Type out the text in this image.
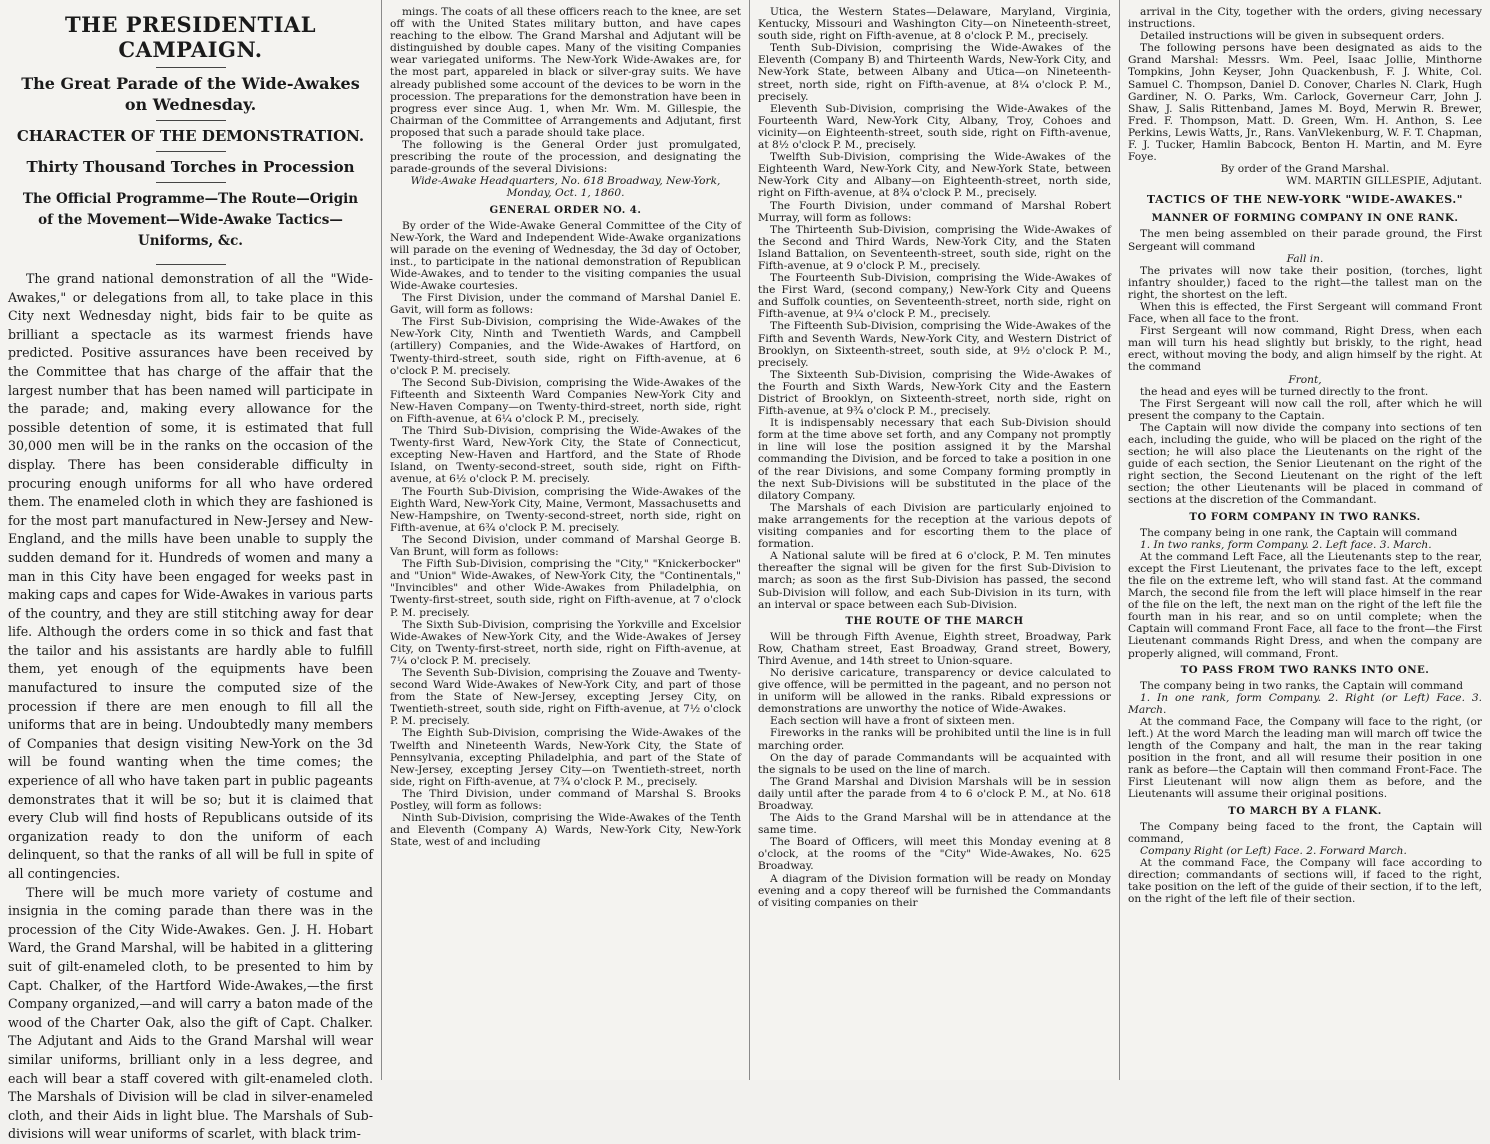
THE PRESIDENTIAL CAMPAIGN.
The Great Parade of the Wide-Awakes on Wednesday.
CHARACTER OF THE DEMONSTRATION.
Thirty Thousand Torches in Procession
The Official Programme—The Route—Origin of the Movement—Wide-Awake Tactics—Uniforms, &c.

The grand national demonstration of all the "Wide-Awakes," or delegations from all, to take place in this City next Wednesday night, bids fair to be quite as brilliant a spectacle as its warmest friends have predicted. Positive assurances have been received by the Committee that has charge of the affair that the largest number that has been named will participate in the parade; and, making every allowance for the possible detention of some, it is estimated that full 30,000 men will be in the ranks on the occasion of the display. There has been considerable difficulty in procuring enough uniforms for all who have ordered them. The enameled cloth in which they are fashioned is for the most part manufactured in New-Jersey and New-England, and the mills have been unable to supply the sudden demand for it. Hundreds of women and many a man in this City have been engaged for weeks past in making caps and capes for Wide-Awakes in various parts of the country, and they are still stitching away for dear life. Although the orders come in so thick and fast that the tailor and his assistants are hardly able to fulfill them, yet enough of the equipments have been manufactured to insure the computed size of the procession if there are men enough to fill all the uniforms that are in being. Undoubtedly many members of Companies that design visiting New-York on the 3d will be found wanting when the time comes; the experience of all who have taken part in public pageants demonstrates that it will be so; but it is claimed that every Club will find hosts of Republicans outside of its organization ready to don the uniform of each delinquent, so that the ranks of all will be full in spite of all contingencies.

There will be much more variety of costume and insignia in the coming parade than there was in the procession of the City Wide-Awakes. Gen. J. H. Hobart Ward, the Grand Marshal, will be habited in a glittering suit of gilt-enameled cloth, to be presented to him by Capt. Chalker, of the Hartford Wide-Awakes,—the first Company organized,—and will carry a baton made of the wood of the Charter Oak, also the gift of Capt. Chalker. The Adjutant and Aids to the Grand Marshal will wear similar uniforms, brilliant only in a less degree, and each will bear a staff covered with gilt-enameled cloth. The Marshals of Division will be clad in silver-enameled cloth, and their Aids in light blue. The Marshals of Sub-divisions will wear uniforms of scarlet, with black trim-

mings. The coats of all these officers reach to the knee, are set off with the United States military button, and have capes reaching to the elbow. The Grand Marshal and Adjutant will be distinguished by double capes. Many of the visiting Companies wear variegated uniforms. The New-York Wide-Awakes are, for the most part, appareled in black or silver-gray suits. We have already published some account of the devices to be worn in the procession. The preparations for the demonstration have been in progress ever since Aug. 1, when Mr. Wm. M. Gillespie, the Chairman of the Committee of Arrangements and Adjutant, first proposed that such a parade should take place.

The following is the General Order just promulgated, prescribing the route of the procession, and designating the parade-grounds of the several Divisions:

Wide-Awake Headquarters, No. 618 Broadway, New-York, Monday, Oct. 1, 1860.

GENERAL ORDER NO. 4.

By order of the Wide-Awake General Committee of the City of New-York, the Ward and Independent Wide-Awake organizations will parade on the evening of Wednesday, the 3d day of October, inst., to participate in the national demonstration of Republican Wide-Awakes, and to tender to the visiting companies the usual Wide-Awake courtesies.

The First Division, under the command of Marshal Daniel E. Gavit, will form as follows:

The First Sub-Division, comprising the Wide-Awakes of the New-York City, Ninth and Twentieth Wards, and Campbell (artillery) Companies, and the Wide-Awakes of Hartford, on Twenty-third-street, south side, right on Fifth-avenue, at 6 o'clock P. M. precisely.

The Second Sub-Division, comprising the Wide-Awakes of the Fifteenth and Sixteenth Ward Companies New-York City and New-Haven Company—on Twenty-third-street, north side, right on Fifth-avenue, at 6¼ o'clock P. M., precisely.

The Third Sub-Division, comprising the Wide-Awakes of the Twenty-first Ward, New-York City, the State of Connecticut, excepting New-Haven and Hartford, and the State of Rhode Island, on Twenty-second-street, south side, right on Fifth-avenue, at 6½ o'clock P. M. precisely.

The Fourth Sub-Division, comprising the Wide-Awakes of the Eighth Ward, New-York City, Maine, Vermont, Massachusetts and New-Hampshire, on Twenty-second-street, north side, right on Fifth-avenue, at 6¾ o'clock P. M. precisely.

The Second Division, under command of Marshal George B. Van Brunt, will form as follows:

The Fifth Sub-Division, comprising the "City," "Knickerbocker" and "Union" Wide-Awakes, of New-York City, the "Continentals," "Invincibles" and other Wide-Awakes from Philadelphia, on Twenty-first-street, south side, right on Fifth-avenue, at 7 o'clock P. M. precisely.

The Sixth Sub-Division, comprising the Yorkville and Excelsior Wide-Awakes of New-York City, and the Wide-Awakes of Jersey City, on Twenty-first-street, north side, right on Fifth-avenue, at 7¼ o'clock P. M. precisely.

The Seventh Sub-Division, comprising the Zouave and Twenty-second Ward Wide-Awakes of New-York City, and part of those from the State of New-Jersey, excepting Jersey City, on Twentieth-street, south side, right on Fifth-avenue, at 7½ o'clock P. M. precisely.

The Eighth Sub-Division, comprising the Wide-Awakes of the Twelfth and Nineteenth Wards, New-York City, the State of Pennsylvania, excepting Philadelphia, and part of the State of New-Jersey, excepting Jersey City—on Twentieth-street, north side, right on Fifth-avenue, at 7¾ o'clock P. M., precisely.

The Third Division, under command of Marshal S. Brooks Postley, will form as follows:

Ninth Sub-Division, comprising the Wide-Awakes of the Tenth and Eleventh (Company A) Wards, New-York City, New-York State, west of and including

Utica, the Western States—Delaware, Maryland, Virginia, Kentucky, Missouri and Washington City—on Nineteenth-street, south side, right on Fifth-avenue, at 8 o'clock P. M., precisely.

Tenth Sub-Division, comprising the Wide-Awakes of the Eleventh (Company B) and Thirteenth Wards, New-York City, and New-York State, between Albany and Utica—on Nineteenth-street, north side, right on Fifth-avenue, at 8¼ o'clock P. M., precisely.

Eleventh Sub-Division, comprising the Wide-Awakes of the Fourteenth Ward, New-York City, Albany, Troy, Cohoes and vicinity—on Eighteenth-street, south side, right on Fifth-avenue, at 8½ o'clock P. M., precisely.

Twelfth Sub-Division, comprising the Wide-Awakes of the Eighteenth Ward, New-York City, and New-York State, between New-York City and Albany—on Eighteenth-street, north side, right on Fifth-avenue, at 8¾ o'clock P. M., precisely.

The Fourth Division, under command of Marshal Robert Murray, will form as follows:

The Thirteenth Sub-Division, comprising the Wide-Awakes of the Second and Third Wards, New-York City, and the Staten Island Battalion, on Seventeenth-street, south side, right on the Fifth-avenue, at 9 o'clock P. M., precisely.

The Fourteenth Sub-Division, comprising the Wide-Awakes of the First Ward, (second company,) New-York City and Queens and Suffolk counties, on Seventeenth-street, north side, right on Fifth-avenue, at 9¼ o'clock P. M., precisely.

The Fifteenth Sub-Division, comprising the Wide-Awakes of the Fifth and Seventh Wards, New-York City, and Western District of Brooklyn, on Sixteenth-street, south side, at 9½ o'clock P. M., precisely.

The Sixteenth Sub-Division, comprising the Wide-Awakes of the Fourth and Sixth Wards, New-York City and the Eastern District of Brooklyn, on Sixteenth-street, north side, right on Fifth-avenue, at 9¾ o'clock P. M., precisely.

It is indispensably necessary that each Sub-Division should form at the time above set forth, and any Company not promptly in line will lose the position assigned it by the Marshal commanding the Division, and be forced to take a position in one of the rear Divisions, and some Company forming promptly in the next Sub-Divisions will be substituted in the place of the dilatory Company.

The Marshals of each Division are particularly enjoined to make arrangements for the reception at the various depots of visiting companies and for escorting them to the place of formation.

A National salute will be fired at 6 o'clock, P. M. Ten minutes thereafter the signal will be given for the first Sub-Division to march; as soon as the first Sub-Division has passed, the second Sub-Division will follow, and each Sub-Division in its turn, with an interval or space between each Sub-Division.

THE ROUTE OF THE MARCH

Will be through Fifth Avenue, Eighth street, Broadway, Park Row, Chatham street, East Broadway, Grand street, Bowery, Third Avenue, and 14th street to Union-square.

No derisive caricature, transparency or device calculated to give offence, will be permitted in the pageant, and no person not in uniform will be allowed in the ranks. Ribald expressions or demonstrations are unworthy the notice of Wide-Awakes.

Each section will have a front of sixteen men.

Fireworks in the ranks will be prohibited until the line is in full marching order.

On the day of parade Commandants will be acquainted with the signals to be used on the line of march.

The Grand Marshal and Division Marshals will be in session daily until after the parade from 4 to 6 o'clock P. M., at No. 618 Broadway.

The Aids to the Grand Marshal will be in attendance at the same time.

The Board of Officers, will meet this Monday evening at 8 o'clock, at the rooms of the "City" Wide-Awakes, No. 625 Broadway.

A diagram of the Division formation will be ready on Monday evening and a copy thereof will be furnished the Commandants of visiting companies on their

arrival in the City, together with the orders, giving necessary instructions.

Detailed instructions will be given in subsequent orders.

The following persons have been designated as aids to the Grand Marshal: Messrs. Wm. Peel, Isaac Jollie, Minthorne Tompkins, John Keyser, John Quackenbush, F. J. White, Col. Samuel C. Thompson, Daniel D. Conover, Charles N. Clark, Hugh Gardiner, N. O. Parks, Wm. Carlock, Governeur Carr, John J. Shaw, J. Salis Rittenband, James M. Boyd, Merwin R. Brewer, Fred. F. Thompson, Matt. D. Green, Wm. H. Anthon, S. Lee Perkins, Lewis Watts, Jr., Rans. VanVlekenburg, W. F. T. Chapman, F. J. Tucker, Hamlin Babcock, Benton H. Martin, and M. Eyre Foye.

By order of the Grand Marshal.

WM. MARTIN GILLESPIE, Adjutant.

TACTICS OF THE NEW-YORK "WIDE-AWAKES."
MANNER OF FORMING COMPANY IN ONE RANK.

The men being assembled on their parade ground, the First Sergeant will command

Fall in.

The privates will now take their position, (torches, light infantry shoulder,) faced to the right—the tallest man on the right, the shortest on the left.

When this is effected, the First Sergeant will command Front Face, when all face to the front.

First Sergeant will now command, Right Dress, when each man will turn his head slightly but briskly, to the right, head erect, without moving the body, and align himself by the right. At the command

Front,

the head and eyes will be turned directly to the front.

The First Sergeant will now call the roll, after which he will present the company to the Captain.

The Captain will now divide the company into sections of ten each, including the guide, who will be placed on the right of the section; he will also place the Lieutenants on the right of the guide of each section, the Senior Lieutenant on the right of the right section, the Second Lieutenant on the right of the left section; the other Lieutenants will be placed in command of sections at the discretion of the Commandant.

TO FORM COMPANY IN TWO RANKS.

The company being in one rank, the Captain will command

1. In two ranks, form Company. 2. Left face. 3. March.

At the command Left Face, all the Lieutenants step to the rear, except the First Lieutenant, the privates face to the left, except the file on the extreme left, who will stand fast. At the command March, the second file from the left will place himself in the rear of the file on the left, the next man on the right of the left file the fourth man in his rear, and so on until complete; when the Captain will command Front Face, all face to the front—the First Lieutenant commands Right Dress, and when the company are properly aligned, will command, Front.

TO PASS FROM TWO RANKS INTO ONE.

The company being in two ranks, the Captain will command

1. In one rank, form Company. 2. Right (or Left) Face. 3. March.

At the command Face, the Company will face to the right, (or left.) At the word March the leading man will march off twice the length of the Company and halt, the man in the rear taking position in the front, and all will resume their position in one rank as before—the Captain will then command Front-Face. The First Lieutenant will now align them as before, and the Lieutenants will assume their original positions.

TO MARCH BY A FLANK.

The Company being faced to the front, the Captain will command,

Company Right (or Left) Face. 2. Forward March.

At the command Face, the Company will face according to direction; commandants of sections will, if faced to the right, take position on the left of the guide of their section, if to the left, on the right of the left file of their section.
